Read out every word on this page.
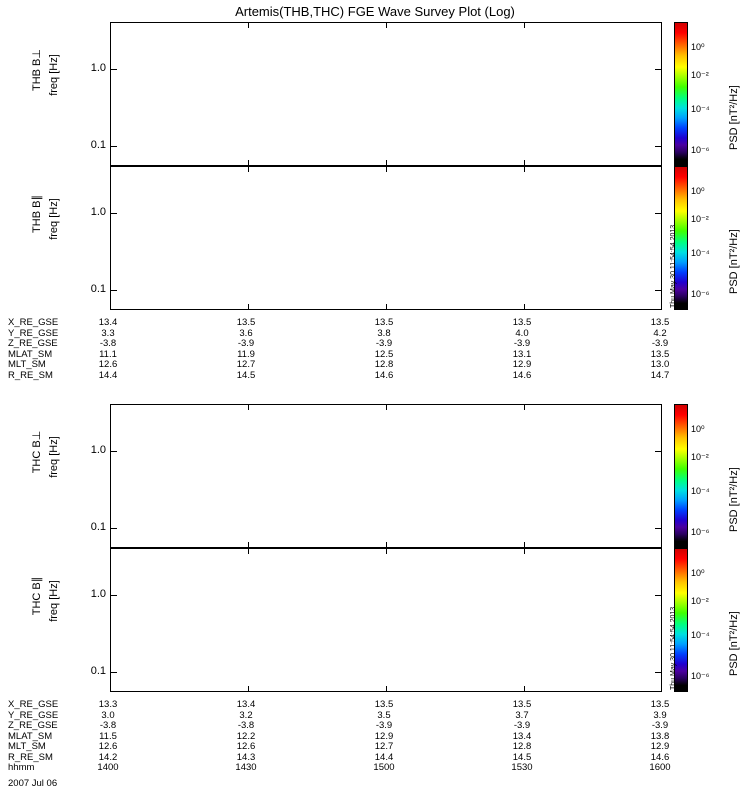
Artemis(THB,THC) FGE Wave Survey Plot (Log)
1.0
0.1
THB B⊥ freq [Hz]
10⁰
10⁻²
10⁻⁴
10⁻⁶ PSD [nT²/Hz]
1.0
0.1
THB B∥ freq [Hz]
10⁰
10⁻²
10⁻⁴
10⁻⁶ PSD [nT²/Hz]
Thu May 30 11:54:54 2013
X_RE_GSE	13.4	13.5	13.5	13.5	13.5
Y_RE_GSE	3.3	3.6	3.8	4.0	4.2
Z_RE_GSE	-3.8	-3.9	-3.9	-3.9	-3.9
MLAT_SM	11.1	11.9	12.5	13.1	13.5
MLT_SM	12.6	12.7	12.8	12.9	13.0
R_RE_SM	14.4	14.5	14.6	14.6	14.7
1.0
0.1
THC B⊥ freq [Hz]
10⁰
10⁻²
10⁻⁴
10⁻⁶ PSD [nT²/Hz]
1.0
0.1
THC B∥ freq [Hz]
10⁰
10⁻²
10⁻⁴
10⁻⁶ PSD [nT²/Hz]
Thu May 30 11:54:54 2013
X_RE_GSE	13.3	13.4	13.5	13.5	13.5
Y_RE_GSE	3.0	3.2	3.5	3.7	3.9
Z_RE_GSE	-3.8	-3.8	-3.9	-3.9	-3.9
MLAT_SM	11.5	12.2	12.9	13.4	13.8
MLT_SM	12.6	12.6	12.7	12.8	12.9
R_RE_SM	14.2	14.3	14.4	14.5	14.6
hhmm	1400	1430	1500	1530	1600
2007 Jul 06
